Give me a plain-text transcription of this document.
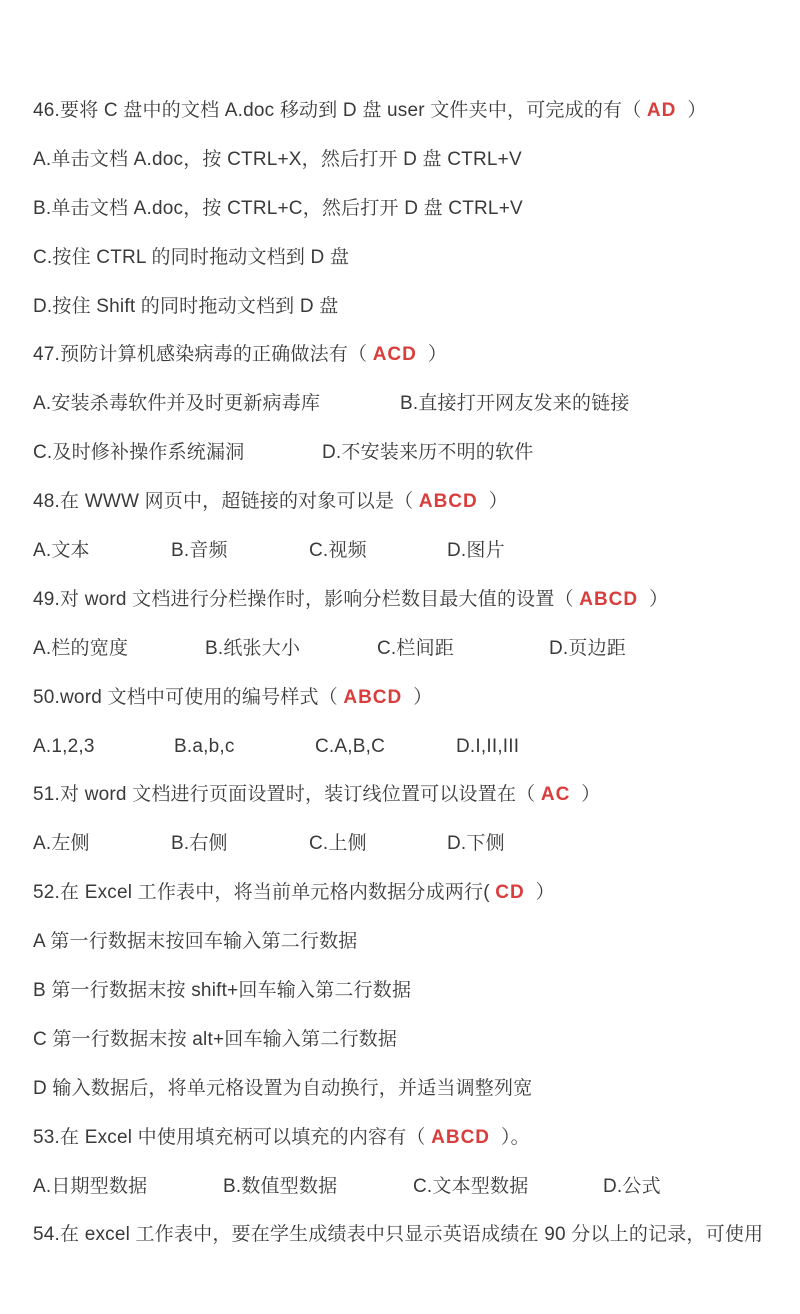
46.要将 C 盘中的文档 A.doc 移动到 D 盘 user 文件夹中，可完成的有（ AD  ）
A.单击文档 A.doc，按 CTRL+X，然后打开 D 盘 CTRL+V
B.单击文档 A.doc，按 CTRL+C，然后打开 D 盘 CTRL+V
C.按住 CTRL 的同时拖动文档到 D 盘
D.按住 Shift 的同时拖动文档到 D 盘
47.预防计算机感染病毒的正确做法有（ ACD  ）
A.安装杀毒软件并及时更新病毒库	B.直接打开网友发来的链接
C.及时修补操作系统漏洞	D.不安装来历不明的软件
48.在 WWW 网页中，超链接的对象可以是（ ABCD  ）
A.文本	B.音频	C.视频	D.图片
49.对 word 文档进行分栏操作时，影响分栏数目最大值的设置（ ABCD  ）
A.栏的宽度	B.纸张大小	C.栏间距	D.页边距
50.word 文档中可使用的编号样式（ ABCD  ）
A.1,2,3	B.a,b,c	C.A,B,C	D.I,II,III
51.对 word 文档进行页面设置时，装订线位置可以设置在（ AC  ）
A.左侧	B.右侧	C.上侧	D.下侧
52.在 Excel 工作表中，将当前单元格内数据分成两行( CD  ）
A 第一行数据末按回车输入第二行数据
B 第一行数据末按 shift+回车输入第二行数据
C 第一行数据末按 alt+回车输入第二行数据
D 输入数据后，将单元格设置为自动换行，并适当调整列宽
53.在 Excel 中使用填充柄可以填充的内容有（ ABCD  ）。
A.日期型数据	B.数值型数据	C.文本型数据	D.公式
54.在 excel 工作表中，要在学生成绩表中只显示英语成绩在 90 分以上的记录，可使用
